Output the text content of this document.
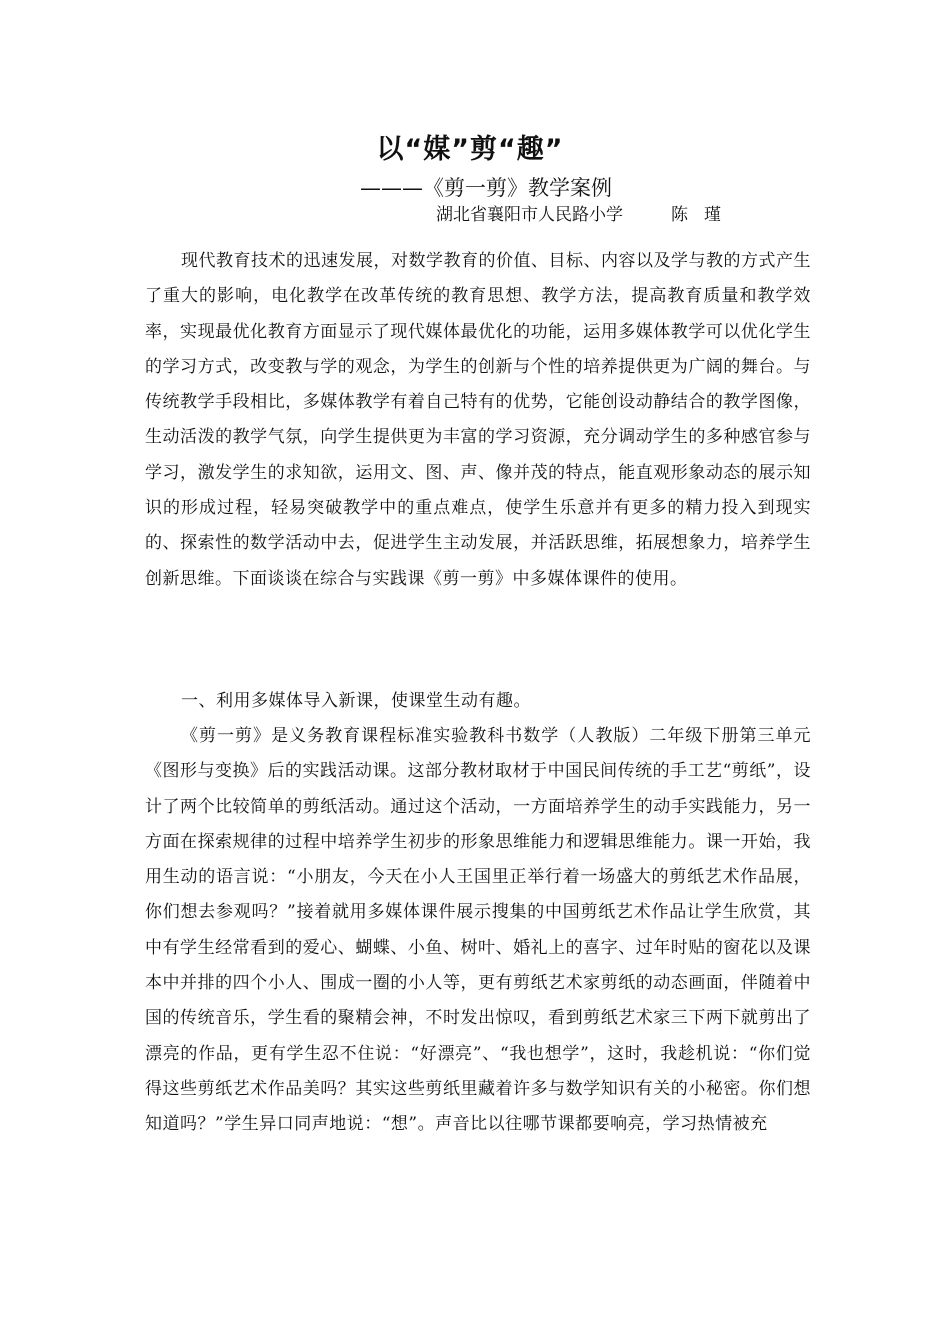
以“媒”剪“趣”
———《剪一剪》教学案例
湖北省襄阳市人民路小学	陈瑾

现代教育技术的迅速发展，对数学教育的价值、目标、内容以及学与教的方式产生了重大的影响，电化教学在改革传统的教育思想、教学方法，提高教育质量和教学效率，实现最优化教育方面显示了现代媒体最优化的功能，运用多媒体教学可以优化学生的学习方式，改变教与学的观念，为学生的创新与个性的培养提供更为广阔的舞台。与传统教学手段相比，多媒体教学有着自己特有的优势，它能创设动静结合的教学图像，生动活泼的教学气氛，向学生提供更为丰富的学习资源，充分调动学生的多种感官参与学习，激发学生的求知欲，运用文、图、声、像并茂的特点，能直观形象动态的展示知识的形成过程，轻易突破教学中的重点难点，使学生乐意并有更多的精力投入到现实的、探索性的数学活动中去，促进学生主动发展，并活跃思维，拓展想象力，培养学生创新思维。下面谈谈在综合与实践课《剪一剪》中多媒体课件的使用。

一、利用多媒体导入新课，使课堂生动有趣。

《剪一剪》是义务教育课程标准实验教科书数学（人教版）二年级下册第三单元《图形与变换》后的实践活动课。这部分教材取材于中国民间传统的手工艺“剪纸”，设计了两个比较简单的剪纸活动。通过这个活动，一方面培养学生的动手实践能力，另一方面在探索规律的过程中培养学生初步的形象思维能力和逻辑思维能力。课一开始，我用生动的语言说：“小朋友，今天在小人王国里正举行着一场盛大的剪纸艺术作品展，你们想去参观吗？”接着就用多媒体课件展示搜集的中国剪纸艺术作品让学生欣赏，其中有学生经常看到的爱心、蝴蝶、小鱼、树叶、婚礼上的喜字、过年时贴的窗花以及课本中并排的四个小人、围成一圈的小人等，更有剪纸艺术家剪纸的动态画面，伴随着中国的传统音乐，学生看的聚精会神，不时发出惊叹，看到剪纸艺术家三下两下就剪出了漂亮的作品，更有学生忍不住说：“好漂亮”、“我也想学”，这时，我趁机说：“你们觉得这些剪纸艺术作品美吗？其实这些剪纸里藏着许多与数学知识有关的小秘密。你们想知道吗？”学生异口同声地说：“想”。声音比以往哪节课都要响亮，学习热情被充
